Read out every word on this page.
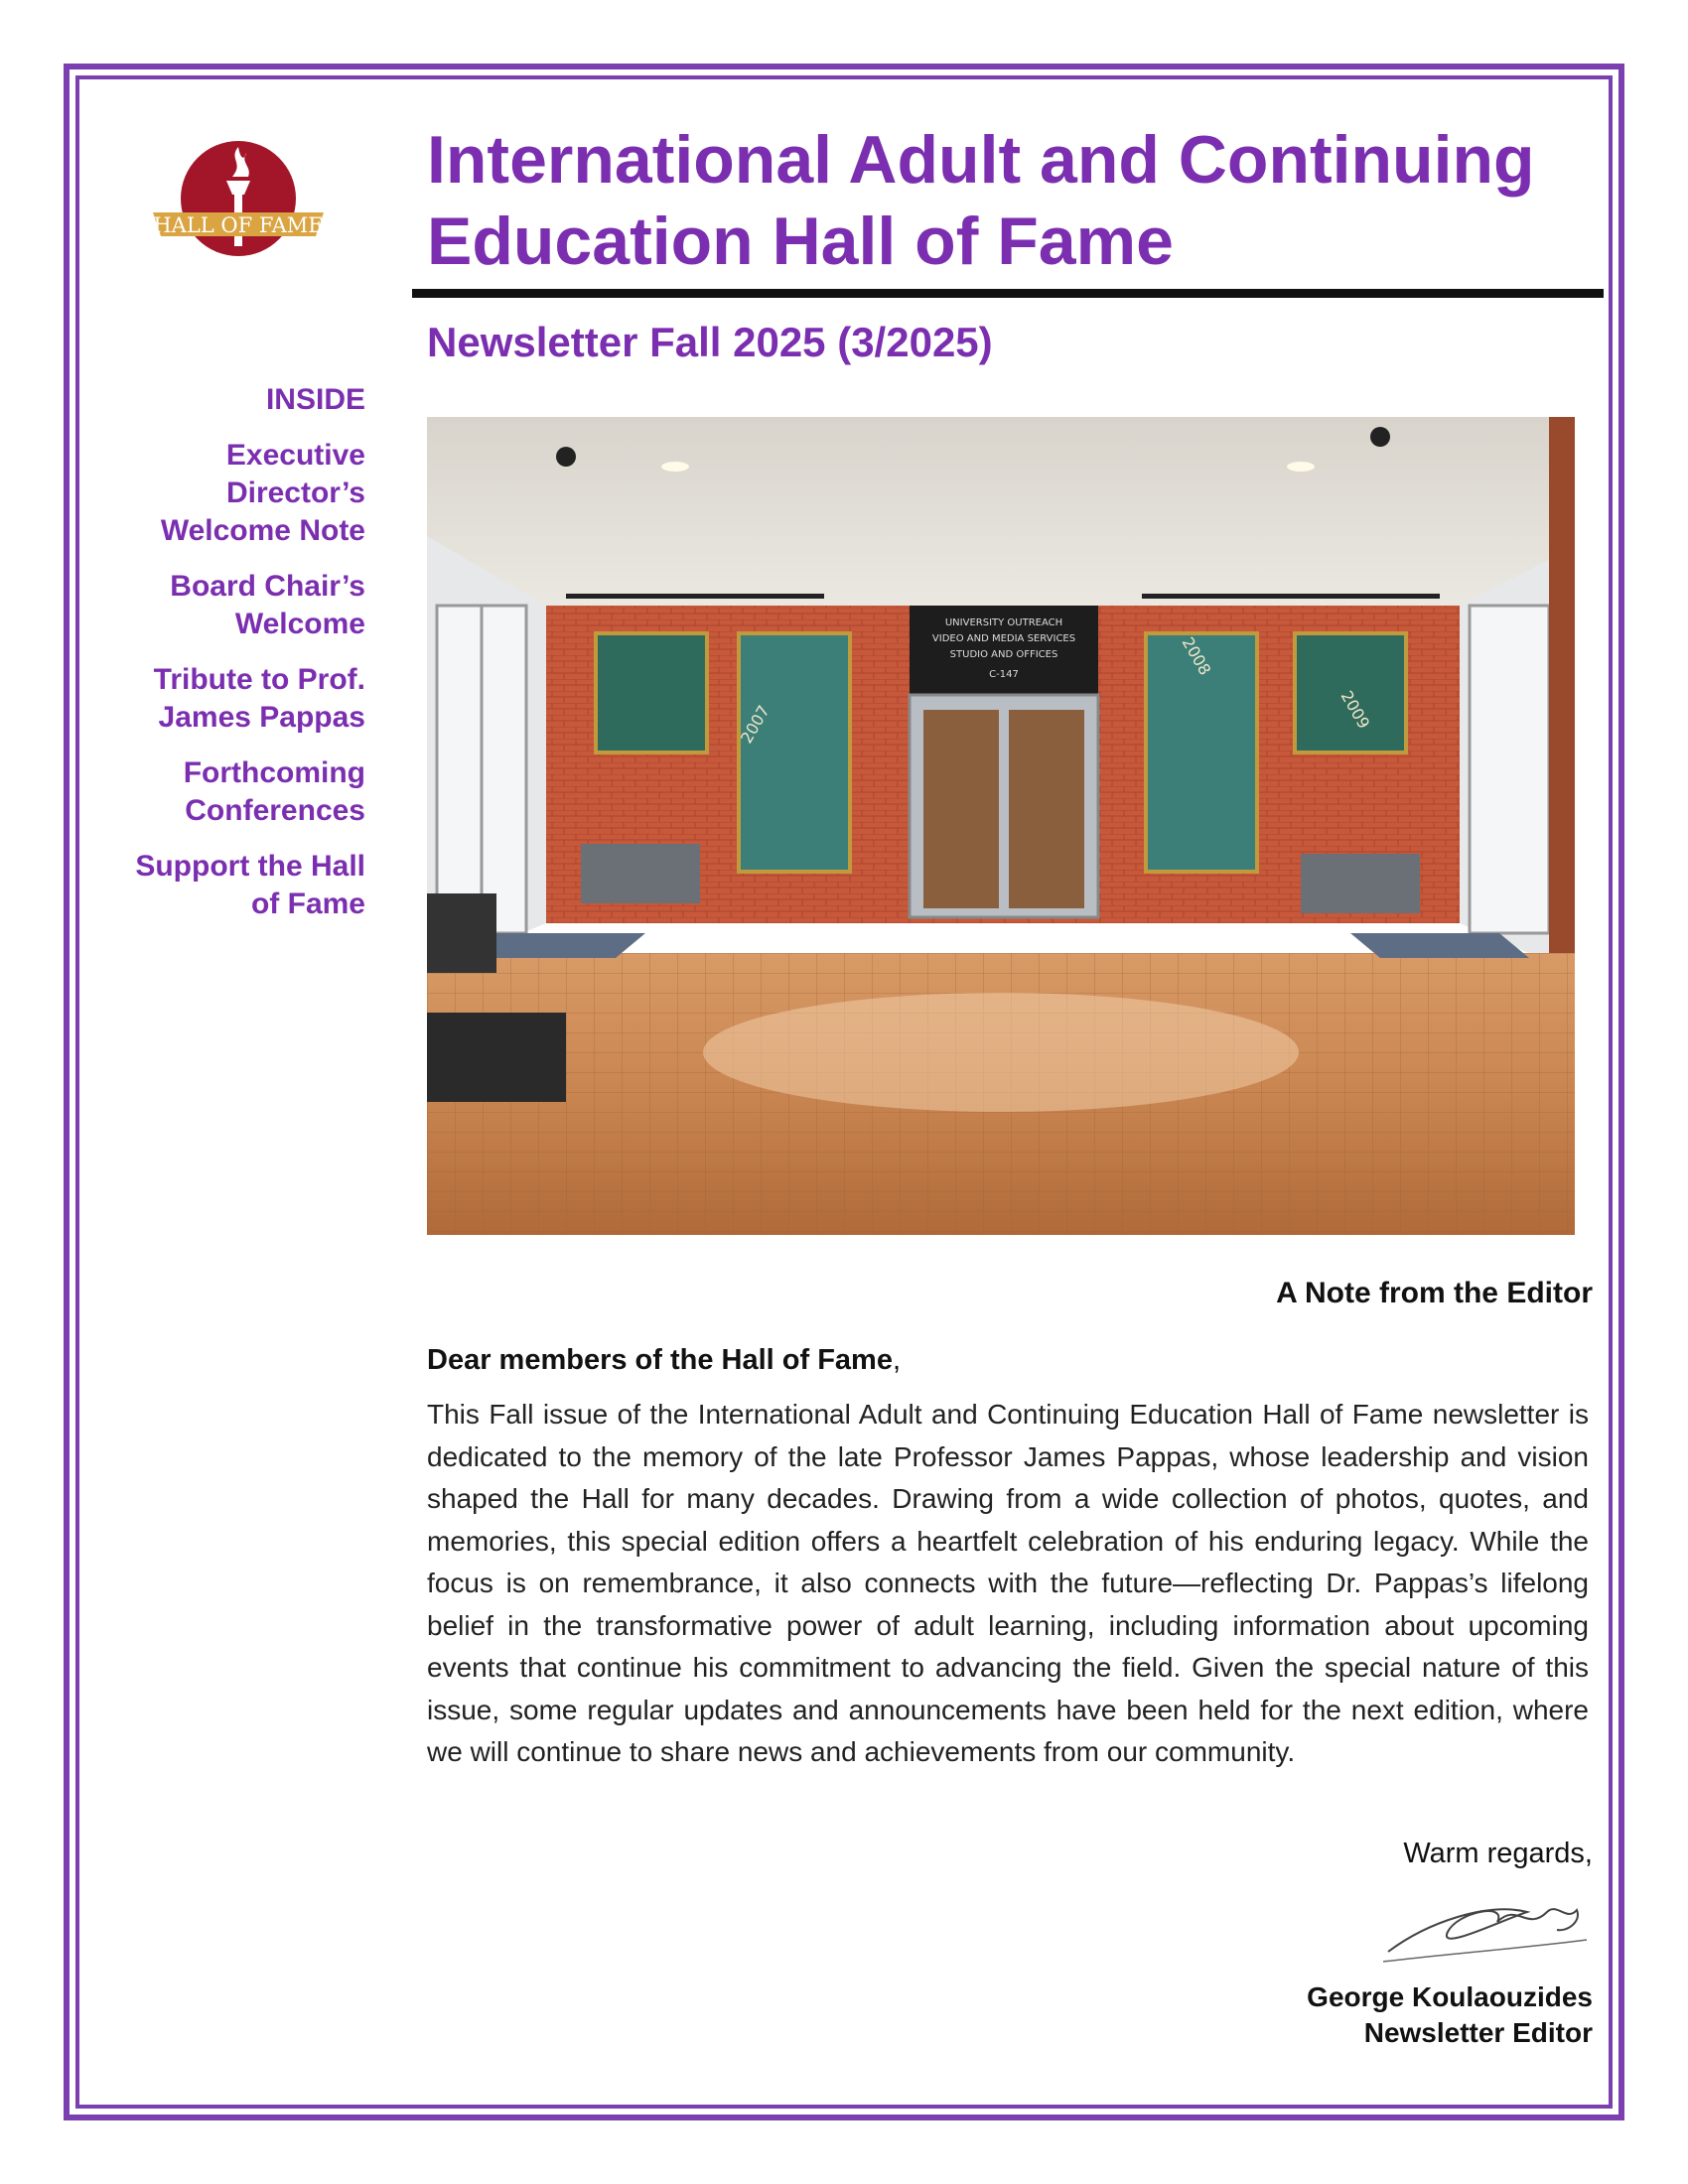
HALL OF FAME
International Adult and Continuing
Education Hall of Fame
Newsletter Fall 2025 (3/2025)
INSIDE
Executive
Director’s
Welcome Note
Board Chair’s
Welcome
Tribute to Prof.
James Pappas
Forthcoming
Conferences
Support the Hall
of Fame
2007
2008
2009
UNIVERSITY OUTREACH
VIDEO AND MEDIA SERVICES
STUDIO AND OFFICES
C-147
A Note from the Editor
Dear members of the Hall of Fame,

This Fall issue of the International Adult and Continuing Education Hall of Fame newsletter is dedicated to the memory of the late Professor James Pappas, whose leadership and vision shaped the Hall for many decades. Drawing from a wide collection of photos, quotes, and memories, this special edition offers a heartfelt celebration of his enduring legacy. While the focus is on remembrance, it also connects with the future—reflecting Dr. Pappas’s lifelong belief in the transformative power of adult learning, including information about upcoming events that continue his commitment to advancing the field. Given the special nature of this issue, some regular updates and announcements have been held for the next edition, where we will continue to share news and achievements from our community.

Warm regards,
George Koulaouzides
Newsletter Editor
